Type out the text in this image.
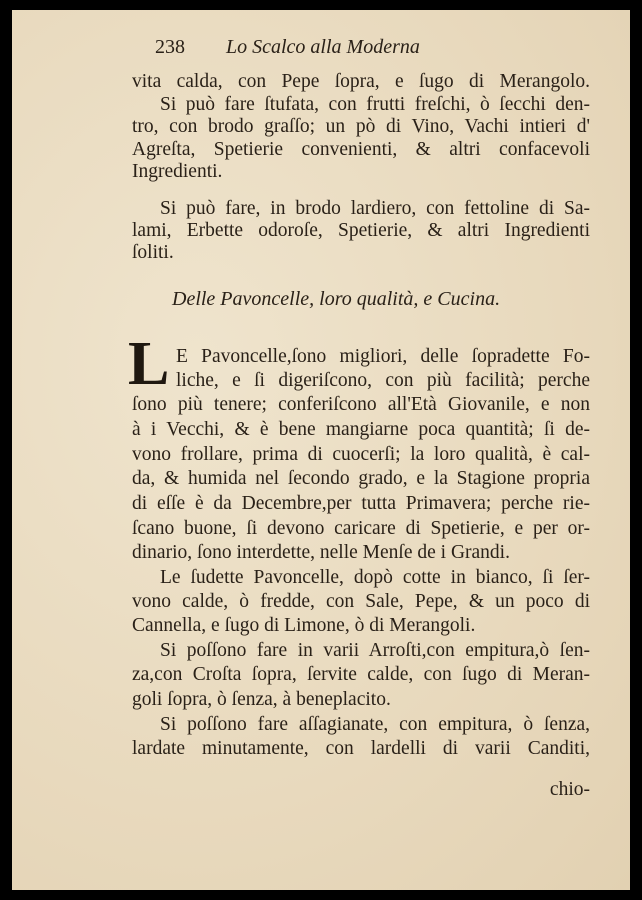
238 Lo Scalco alla Moderna
vita calda, con Pepe ſopra, e ſugo di Merangolo.
Si può fare ſtufata, con frutti freſchi, ò ſecchi den-
tro, con brodo graſſo; un pò di Vino, Vachi intieri d'
Agreſta, Spetierie convenienti, & altri confacevoli
Ingredienti.
Si può fare, in brodo lardiero, con fettoline di Sa-
lami, Erbette odoroſe, Spetierie, & altri Ingredienti
ſoliti.
Delle Pavoncelle, loro qualità, e Cucina.
L E Pavoncelle,ſono migliori, delle ſopradette Fo-
liche, e ſi digeriſcono, con più facilità; perche
ſono più tenere; conferiſcono all'Età Giovanile, e non
à i Vecchi, & è bene mangiarne poca quantità; ſi de-
vono frollare, prima di cuocerſi; la loro qualità, è cal-
da, & humida nel ſecondo grado, e la Stagione propria
di eſſe è da Decembre,per tutta Primavera; perche rie-
ſcano buone, ſi devono caricare di Spetierie, e per or-
dinario, ſono interdette, nelle Menſe de i Grandi.
Le ſudette Pavoncelle, dopò cotte in bianco, ſi ſer-
vono calde, ò fredde, con Sale, Pepe, & un poco di
Cannella, e ſugo di Limone, ò di Merangoli.
Si poſſono fare in varii Arroſti,con empitura,ò ſen-
za,con Croſta ſopra, ſervite calde, con ſugo di Meran-
goli ſopra, ò ſenza, à beneplacito.
Si poſſono fare aſſagianate, con empitura, ò ſenza,
lardate minutamente, con lardelli di varii Canditi,
chio-
